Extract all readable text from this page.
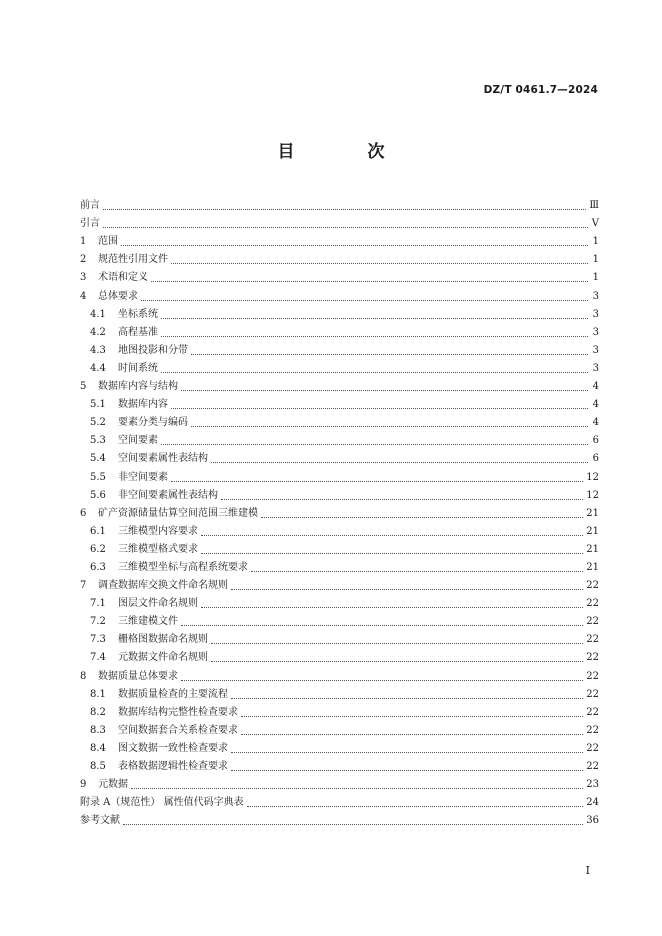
DZ/T 0461.7—2024
目　次
前言	Ⅲ
引言	Ⅴ
1	范围	1
2	规范性引用文件	1
3	术语和定义	1
4	总体要求	3
4.1	坐标系统	3
4.2	高程基准	3
4.3	地图投影和分带	3
4.4	时间系统	3
5	数据库内容与结构	4
5.1	数据库内容	4
5.2	要素分类与编码	4
5.3	空间要素	6
5.4	空间要素属性表结构	6
5.5	非空间要素	12
5.6	非空间要素属性表结构	12
6	矿产资源储量估算空间范围三维建模	21
6.1	三维模型内容要求	21
6.2	三维模型格式要求	21
6.3	三维模型坐标与高程系统要求	21
7	调查数据库交换文件命名规则	22
7.1	图层文件命名规则	22
7.2	三维建模文件	22
7.3	栅格图数据命名规则	22
7.4	元数据文件命名规则	22
8	数据质量总体要求	22
8.1	数据质量检查的主要流程	22
8.2	数据库结构完整性检查要求	22
8.3	空间数据套合关系检查要求	22
8.4	图文数据一致性检查要求	22
8.5	表格数据逻辑性检查要求	22
9	元数据	23
附录 A（规范性） 属性值代码字典表	24
参考文献	36
I
